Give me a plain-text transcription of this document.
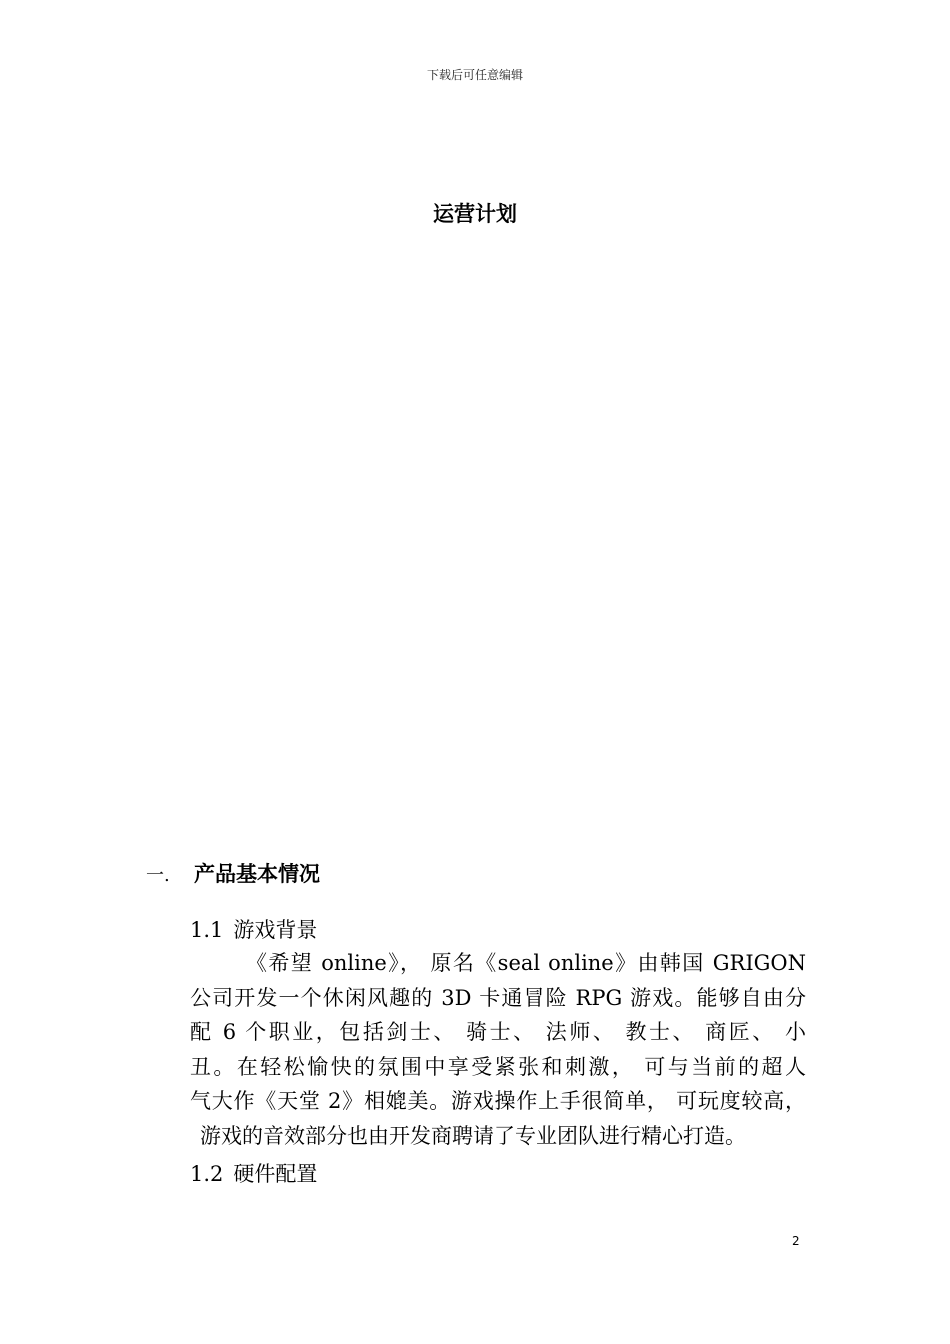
下载后可任意编辑
运营计划
一. 产品基本情况
1.1 游戏背景
《希望 online》， 原名《seal online》由韩国 GRIGON
公司开发一个休闲风趣的 3D 卡通冒险 RPG 游戏。能够自由分
配 6 个职业，包括剑士、 骑士、 法师、 教士、 商匠、 小
丑。在轻松愉快的氛围中享受紧张和刺激， 可与当前的超人
气大作《天堂 2》相媲美。游戏操作上手很简单， 可玩度较高，
游戏的音效部分也由开发商聘请了专业团队进行精心打造。
1.2 硬件配置
2
